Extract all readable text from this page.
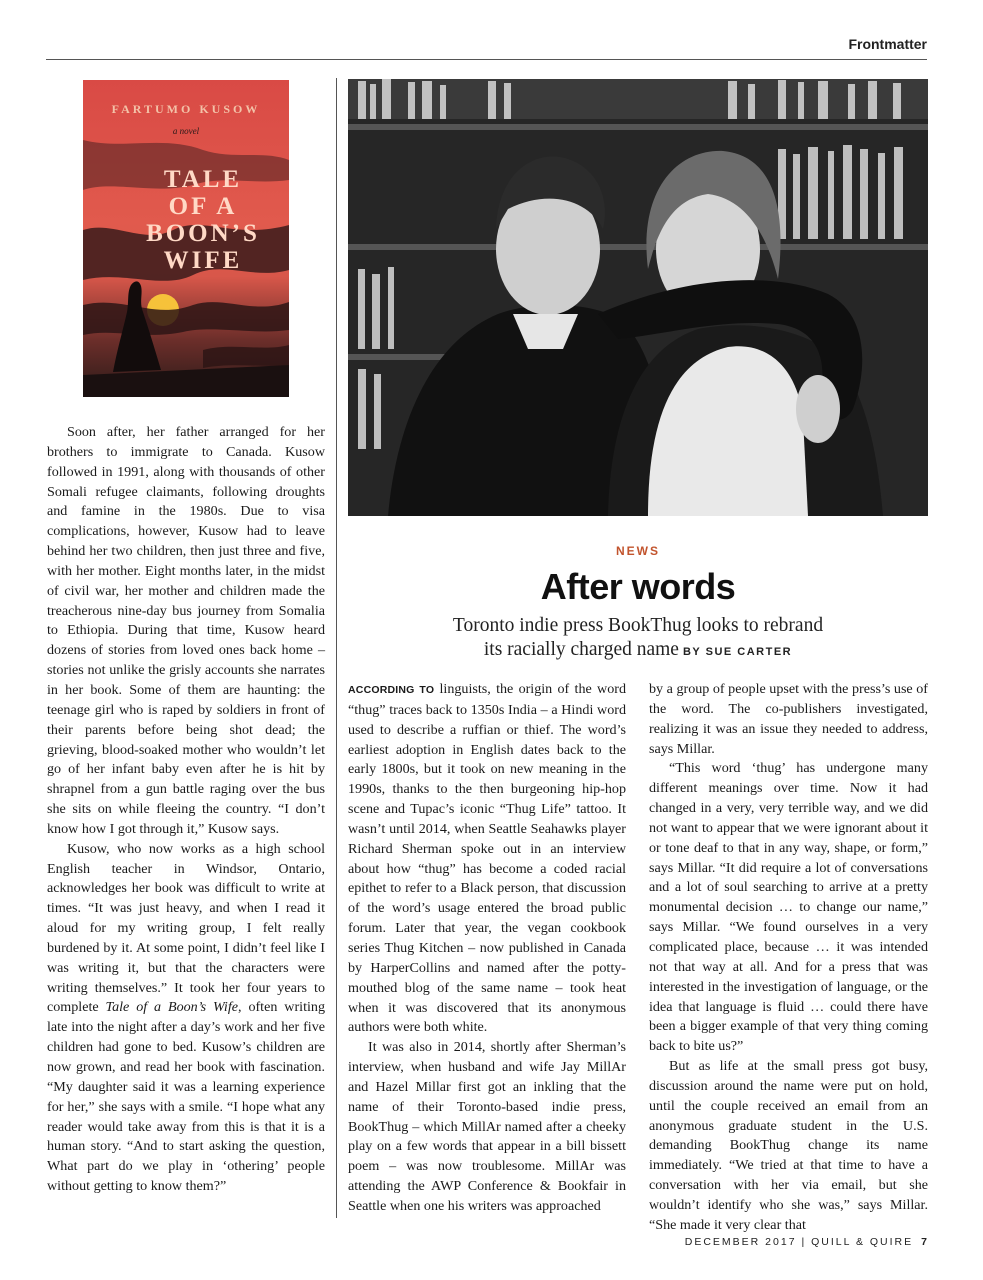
Frontmatter
FARTUMO KUSOW
a novel
TALE
OF A
BOON’S
WIFE
NEWS
After words
Toronto indie press BookThug looks to rebrand
its racially charged name BY SUE CARTER

Soon after, her father arranged for her brothers to immigrate to Canada. Kusow followed in 1991, along with thousands of other Somali refugee claimants, following droughts and famine in the 1980s. Due to visa complications, however, Kusow had to leave behind her two children, then just three and five, with her mother. Eight months later, in the midst of civil war, her mother and children made the treacherous nine-day bus journey from Somalia to Ethiopia. During that time, Kusow heard dozens of stories from loved ones back home – stories not unlike the grisly accounts she narrates in her book. Some of them are haunting: the teenage girl who is raped by soldiers in front of their parents before being shot dead; the grieving, blood-soaked mother who wouldn’t let go of her infant baby even after he is hit by shrapnel from a gun battle raging over the bus she sits on while fleeing the country. “I don’t know how I got through it,” Kusow says.

Kusow, who now works as a high school English teacher in Windsor, Ontario, acknowledges her book was difficult to write at times. “It was just heavy, and when I read it aloud for my writing group, I felt really burdened by it. At some point, I didn’t feel like I was writing it, but that the characters were writing themselves.” It took her four years to complete Tale of a Boon’s Wife, often writing late into the night after a day’s work and her five children had gone to bed. Kusow’s children are now grown, and read her book with fascination. “My daughter said it was a learning experience for her,” she says with a smile. “I hope what any reader would take away from this is that it is a human story. “And to start asking the question, What part do we play in ‘othering’ people without getting to know them?”

ACCORDING TO linguists, the origin of the word “thug” traces back to 1350s India – a Hindi word used to describe a ruffian or thief. The word’s earliest adoption in English dates back to the early 1800s, but it took on new meaning in the 1990s, thanks to the then burgeoning hip-hop scene and Tupac’s iconic “Thug Life” tattoo. It wasn’t until 2014, when Seattle Seahawks player Richard Sherman spoke out in an interview about how “thug” has become a coded racial epithet to refer to a Black person, that discussion of the word’s usage entered the broad public forum. Later that year, the vegan cookbook series Thug Kitchen – now published in Canada by HarperCollins and named after the potty-mouthed blog of the same name – took heat when it was discovered that its anonymous authors were both white.

It was also in 2014, shortly after Sherman’s interview, when husband and wife Jay MillAr and Hazel Millar first got an inkling that the name of their Toronto-based indie press, BookThug – which MillAr named after a cheeky play on a few words that appear in a bill bissett poem – was now troublesome. MillAr was attending the AWP Conference & Bookfair in Seattle when one his writers was approached

by a group of people upset with the press’s use of the word. The co-publishers investigated, realizing it was an issue they needed to address, says Millar.

“This word ‘thug’ has undergone many different meanings over time. Now it had changed in a very, very terrible way, and we did not want to appear that we were ignorant about it or tone deaf to that in any way, shape, or form,” says Millar. “It did require a lot of conversations and a lot of soul searching to arrive at a pretty monumental decision … to change our name,” says Millar. “We found ourselves in a very complicated place, because … it was intended not that way at all. And for a press that was interested in the investigation of language, or the idea that language is fluid … could there have been a bigger example of that very thing coming back to bite us?”

But as life at the small press got busy, discussion around the name were put on hold, until the couple received an email from an anonymous graduate student in the U.S. demanding BookThug change its name immediately. “We tried at that time to have a conversation with her via email, but she wouldn’t identify who she was,” says Millar. “She made it very clear that

DECEMBER 2017 | QUILL & QUIRE 7
